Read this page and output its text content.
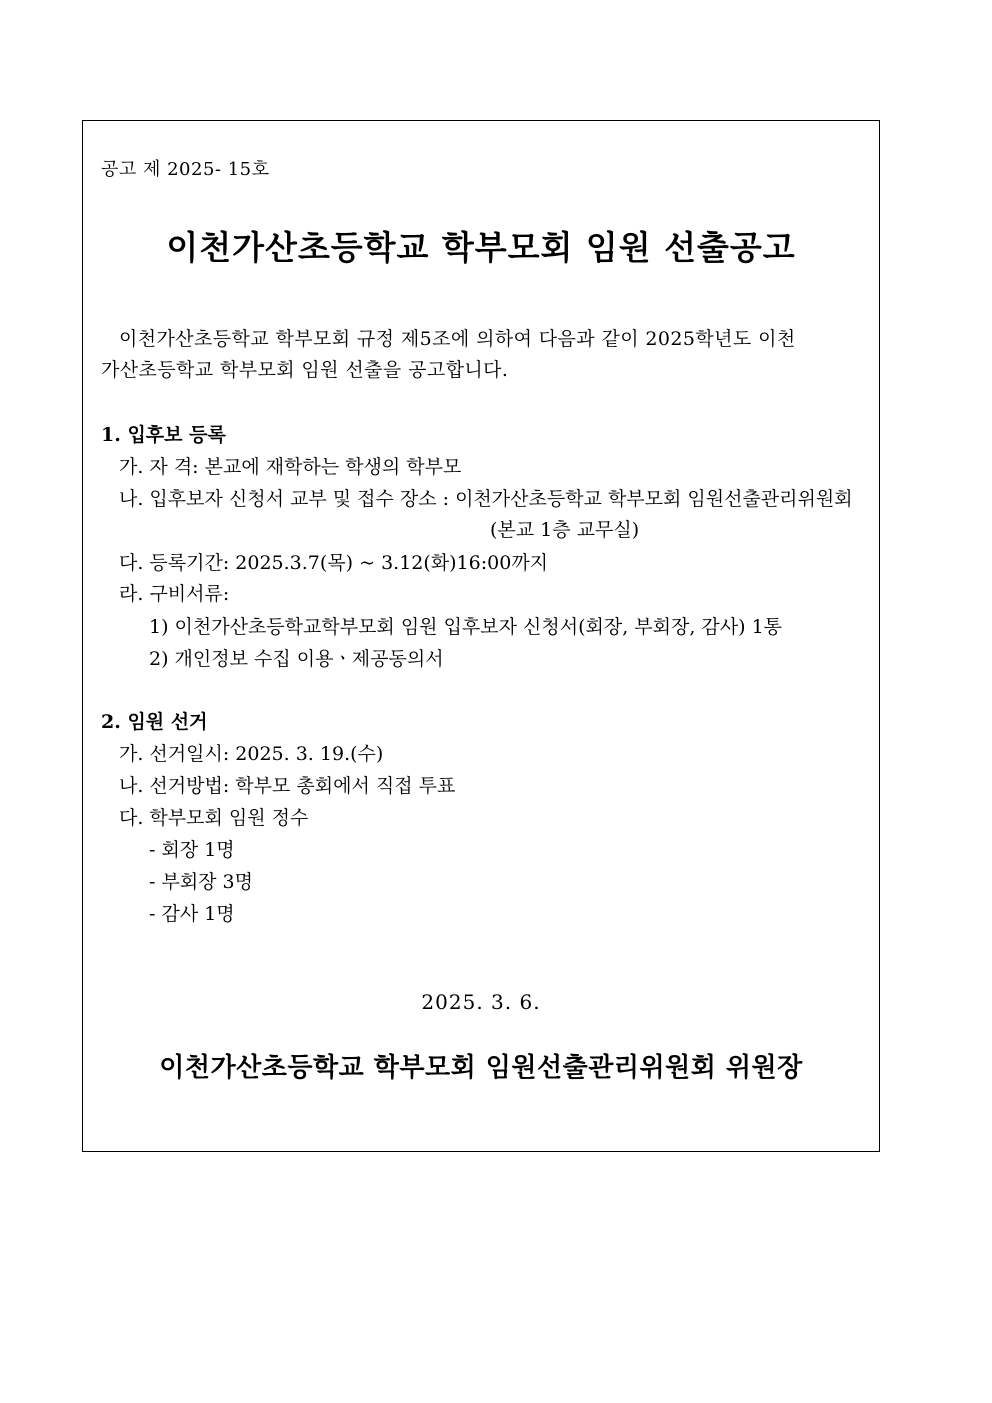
공고 제 2025- 15호
이천가산초등학교 학부모회 임원 선출공고
이천가산초등학교 학부모회 규정 제5조에 의하여 다음과 같이 2025학년도 이천
가산초등학교 학부모회 임원 선출을 공고합니다.
1. 입후보 등록
가. 자 격: 본교에 재학하는 학생의 학부모
나. 입후보자 신청서 교부 및 접수 장소 : 이천가산초등학교 학부모회 임원선출관리위원회
(본교 1층 교무실)
다. 등록기간: 2025.3.7(목) ~ 3.12(화)16:00까지
라. 구비서류:
1) 이천가산초등학교학부모회 임원 입후보자 신청서(회장, 부회장, 감사) 1통
2) 개인정보 수집 이용ㆍ제공동의서
2. 임원 선거
가. 선거일시: 2025. 3. 19.(수)
나. 선거방법: 학부모 총회에서 직접 투표
다. 학부모회 임원 정수
- 회장 1명
- 부회장 3명
- 감사 1명
2025. 3. 6.
이천가산초등학교 학부모회 임원선출관리위원회 위원장
